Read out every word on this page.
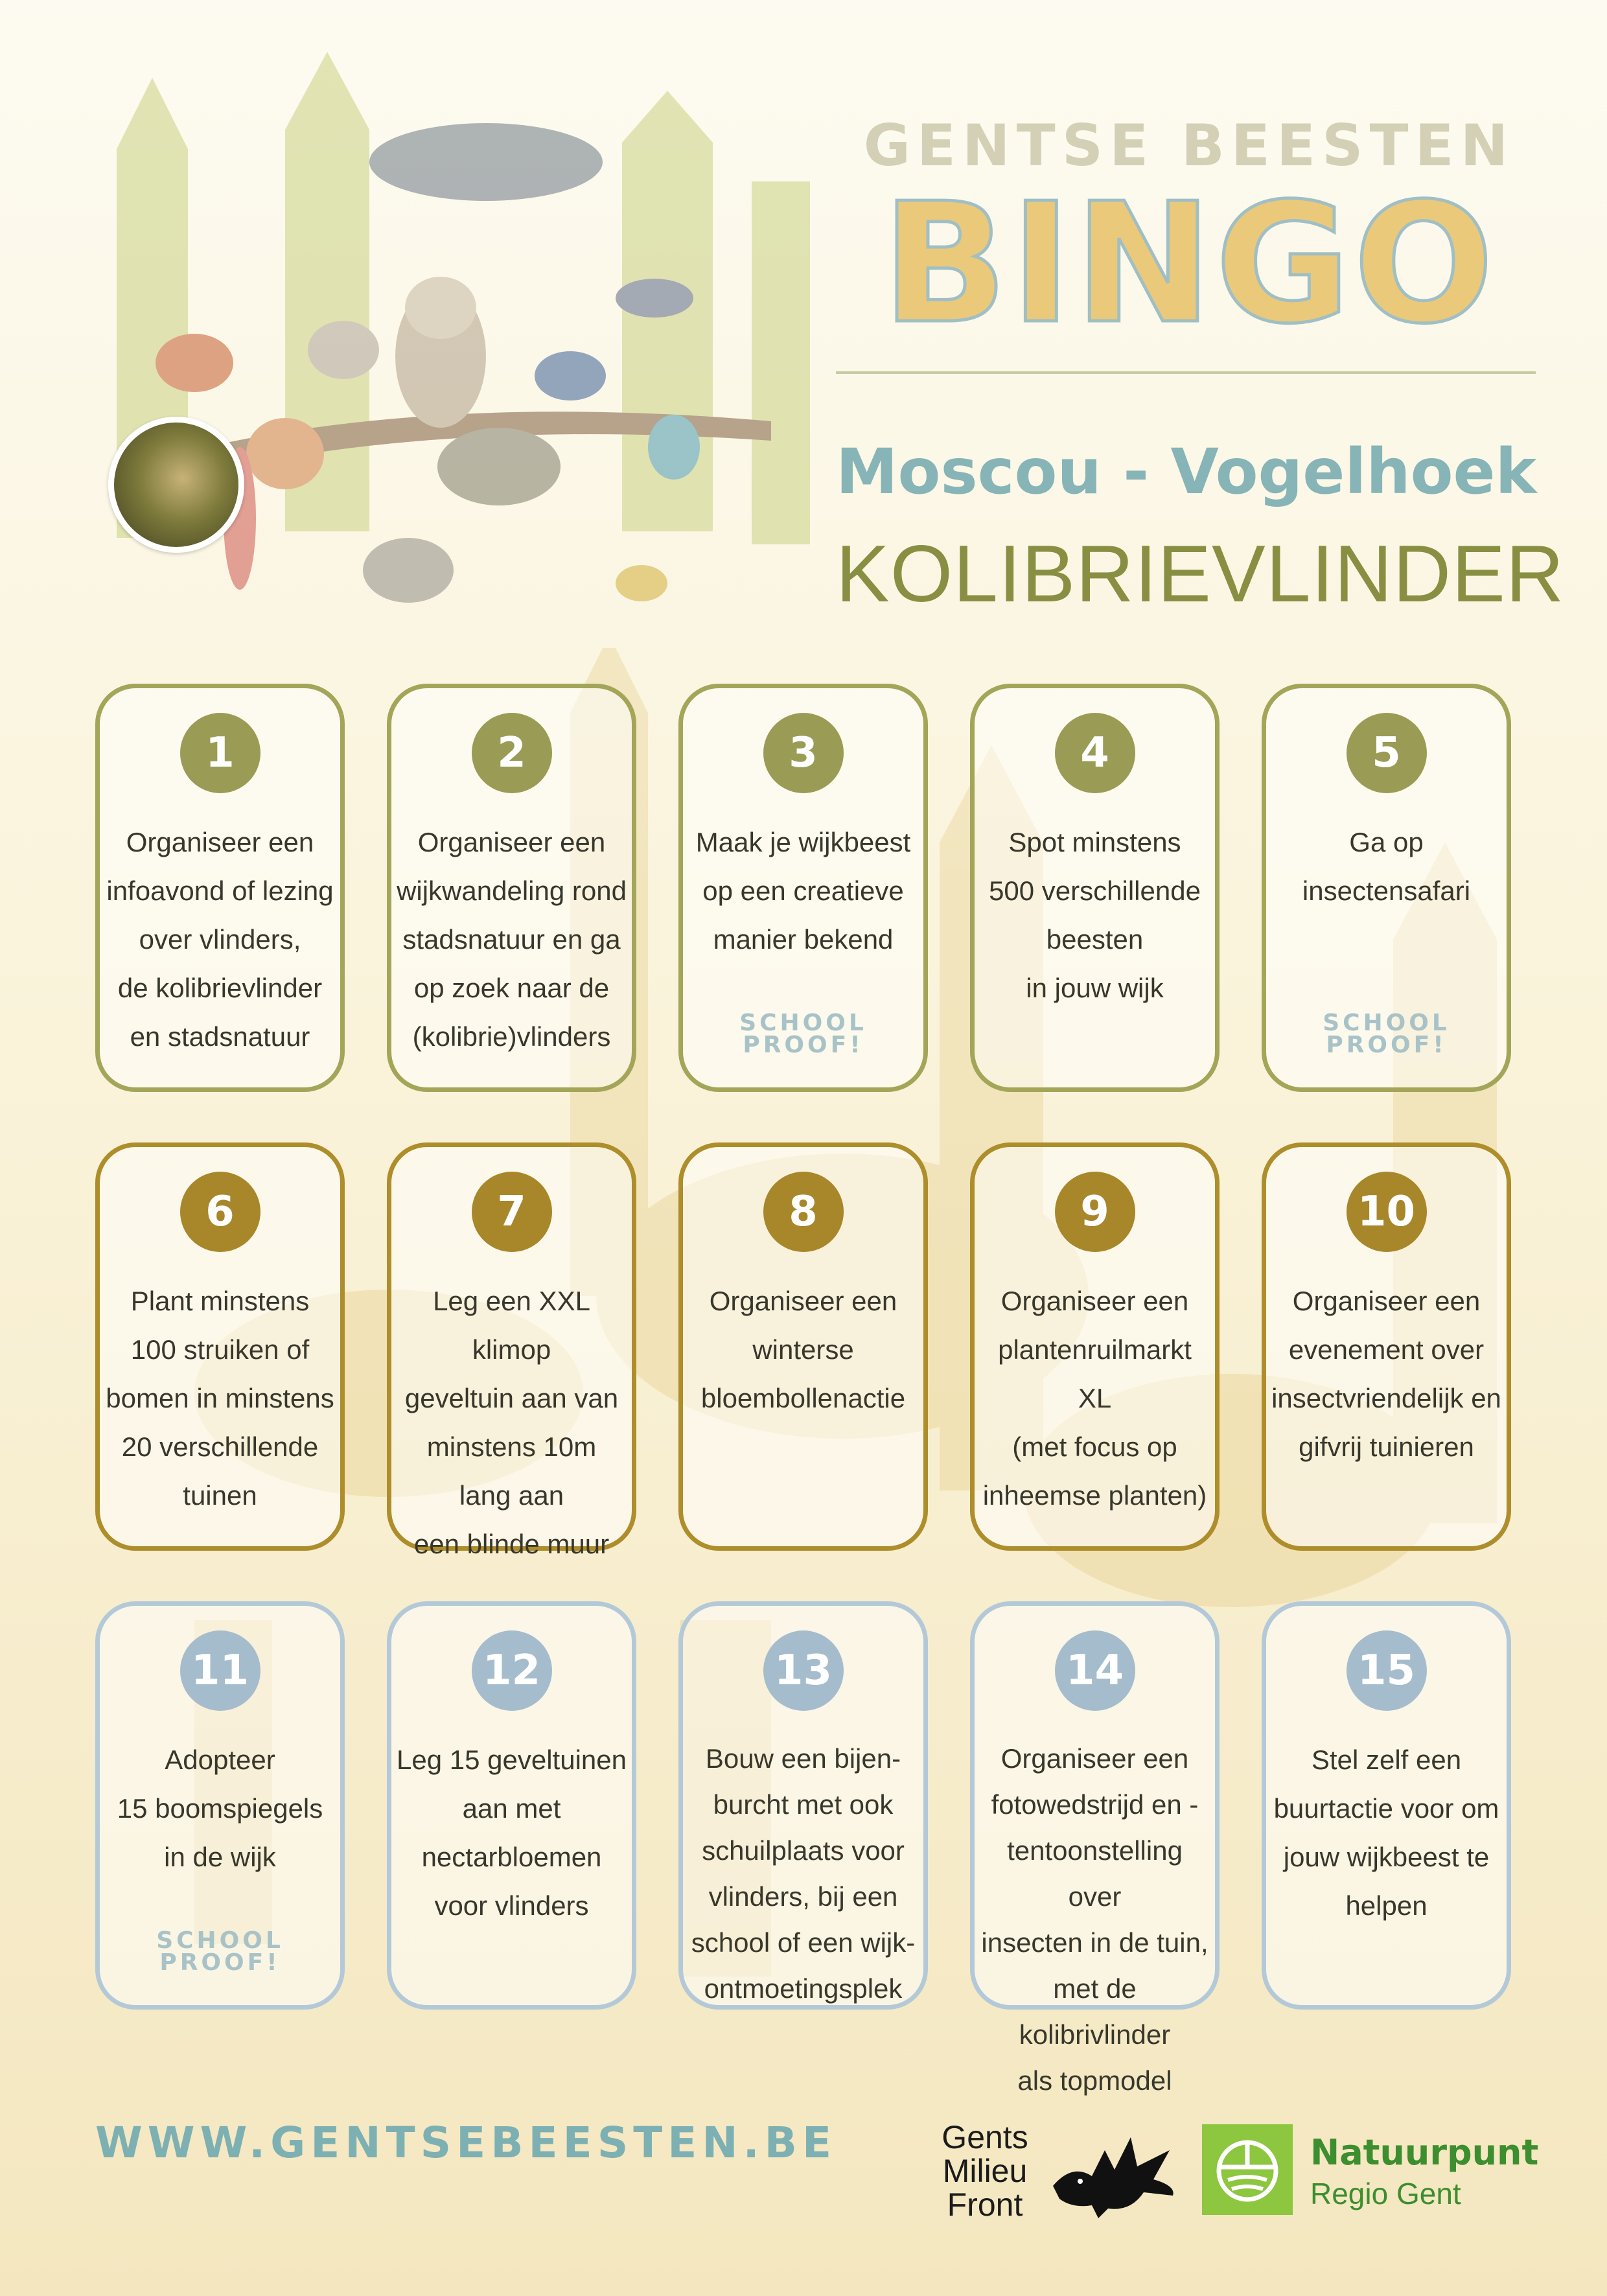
GENTSE BEESTEN
BINGO
Moscou - Vogelhoek
KOLIBRIEVLINDER
1
Organiseer een
infoavond of lezing
over vlinders,
de kolibrievlinder
en stadsnatuur
2
Organiseer een
wijkwandeling rond
stadsnatuur en ga
op zoek naar de
(kolibrie)vlinders
3
Maak je wijkbeest
op een creatieve
manier bekend
SCHOOL
PROOF!
4
Spot minstens
500 verschillende
beesten
in jouw wijk
5
Ga op
insectensafari
SCHOOL
PROOF!
6
Plant minstens
100 struiken of
bomen in minstens
20 verschillende
tuinen
7
Leg een XXL klimop
geveltuin aan van
minstens 10m
lang aan
een blinde muur
8
Organiseer een
winterse
bloembollenactie
9
Organiseer een
plantenruilmarkt XL
(met focus op
inheemse planten)
10
Organiseer een
evenement over
insectvriendelijk en
gifvrij tuinieren
11
Adopteer
15 boomspiegels
in de wijk
SCHOOL
PROOF!
12
Leg 15 geveltuinen
aan met
nectarbloemen
voor vlinders
13
Bouw een bijen-
burcht met ook
schuilplaats voor
vlinders, bij een
school of een wijk-
ontmoetingsplek
14
Organiseer een
fotowedstrijd en -
tentoonstelling over
insecten in de tuin,
met de kolibrivlinder
als topmodel
15
Stel zelf een
buurtactie voor om
jouw wijkbeest te
helpen
WWW.GENTSEBEESTEN.BE	Gents
Milieu
Front
Natuurpunt
Regio Gent
